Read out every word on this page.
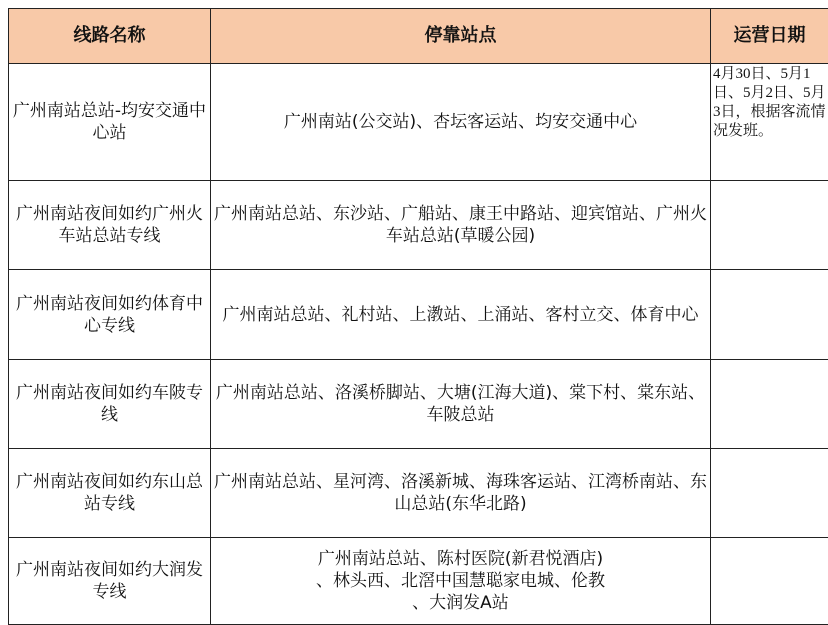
线路名称	停靠站点	运营日期
广州南站总站-均安交通中心站	广州南站(公交站)、杏坛客运站、均安交通中心	4月30日、5月1日、5月2日、5月3日，根据客流情况发班。
广州南站夜间如约广州火车站总站专线	广州南站总站、东沙站、广船站、康王中路站、迎宾馆站、广州火车站总站(草暖公园)	
广州南站夜间如约体育中心专线	广州南站总站、礼村站、上漖站、上涌站、客村立交、体育中心	
广州南站夜间如约车陂专线	广州南站总站、洛溪桥脚站、大塘(江海大道)、棠下村、棠东站、车陂总站	
广州南站夜间如约东山总站专线	广州南站总站、星河湾、洛溪新城、海珠客运站、江湾桥南站、东山总站(东华北路)	
广州南站夜间如约大润发专线	广州南站总站、陈村医院(新君悦酒店)
、林头西、北滘中国慧聪家电城、伦教
、大润发A站	
